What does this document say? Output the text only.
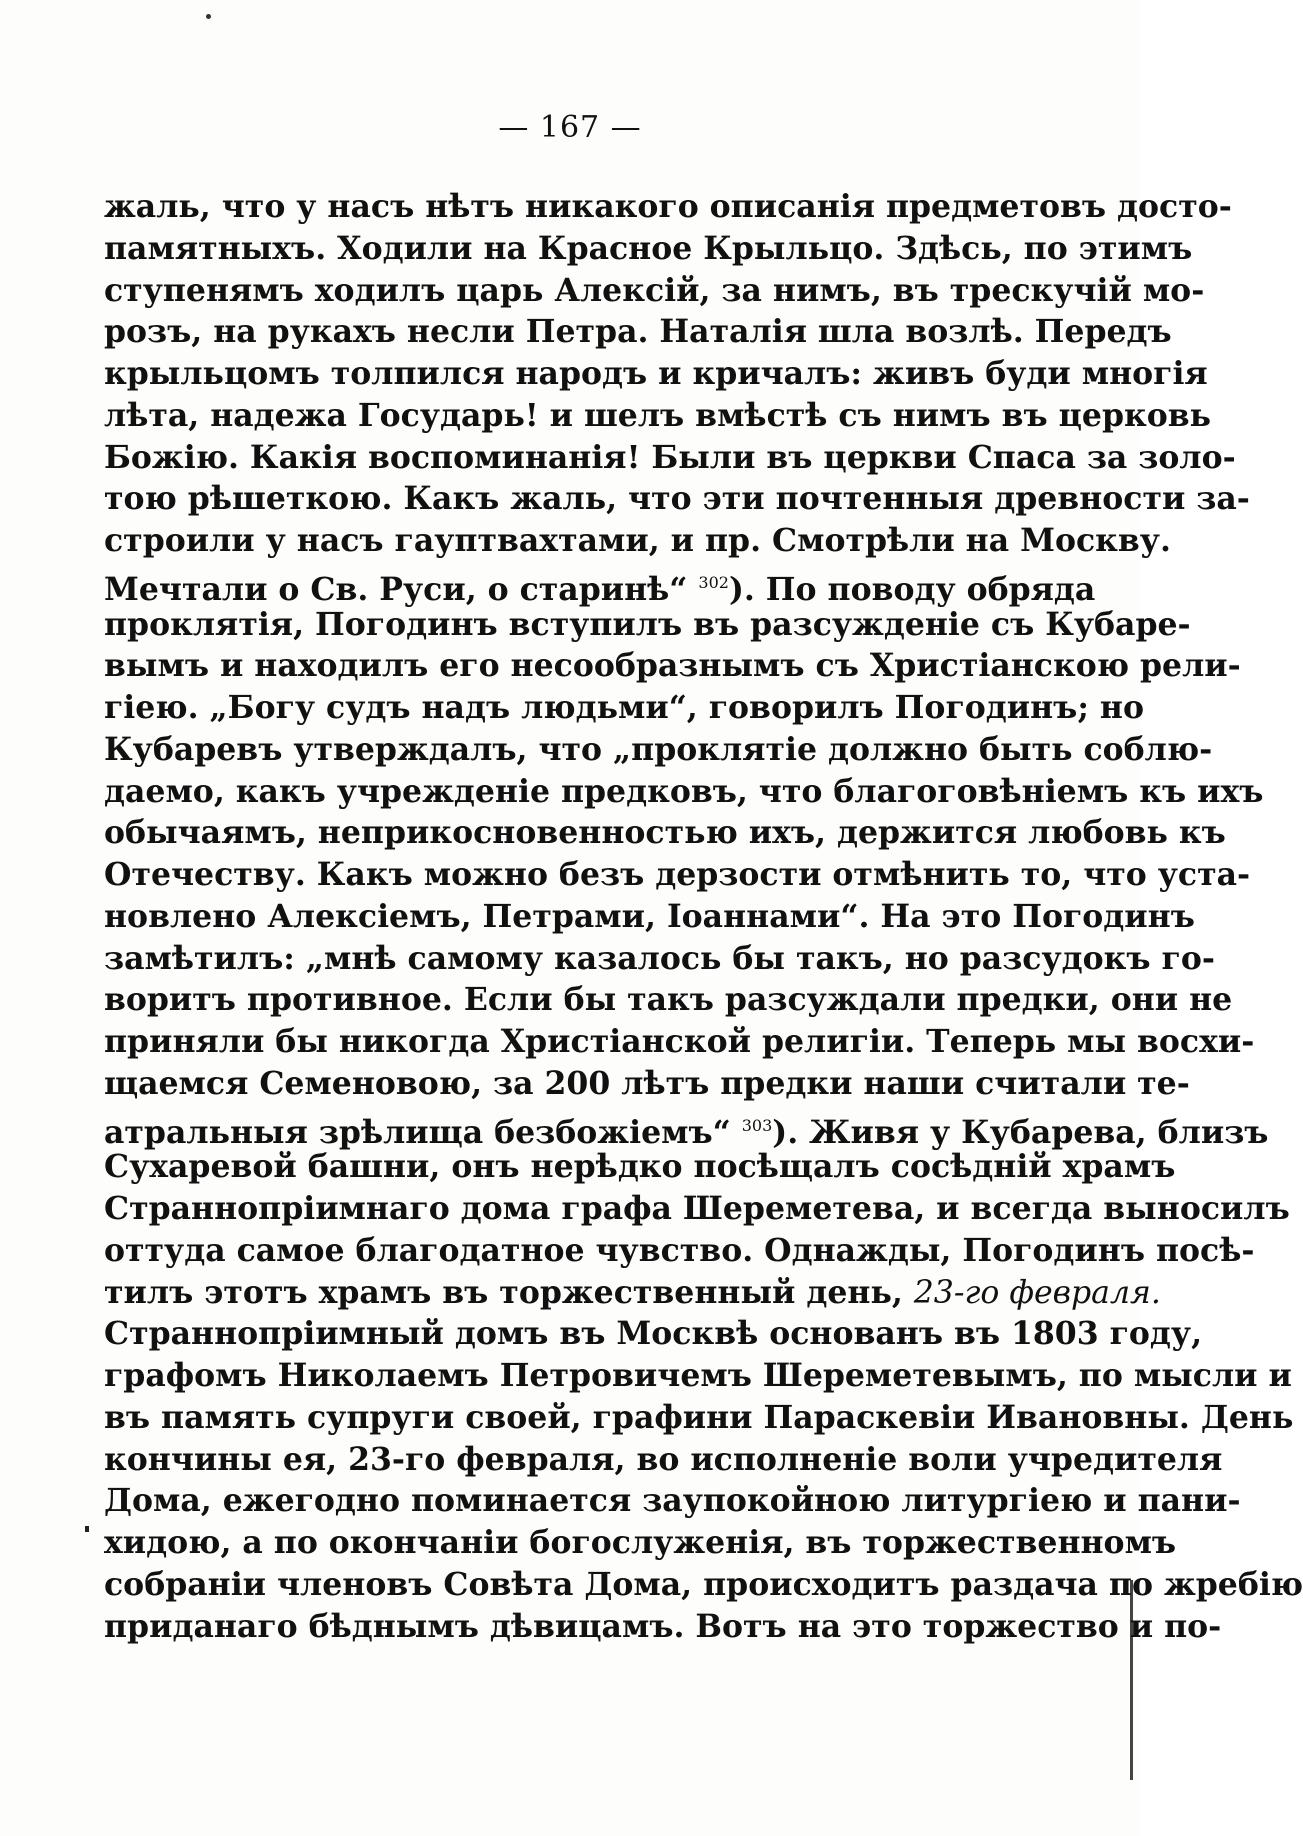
— 167 —
жаль, что у насъ нѣтъ никакого описанія предметовъ досто-
памятныхъ. Ходили на Красное Крыльцо. Здѣсь, по этимъ
ступенямъ ходилъ царь Алексій, за нимъ, въ трескучій мо-
розъ, на рукахъ несли Петра. Наталія шла возлѣ. Передъ
крыльцомъ толпился народъ и кричалъ: живъ буди многія
лѣта, надежа Государь! и шелъ вмѣстѣ съ нимъ въ церковь
Божію. Какія воспоминанія! Были въ церкви Спаса за золо-
тою рѣшеткою. Какъ жаль, что эти почтенныя древности за-
строили у насъ гауптвахтами, и пр. Смотрѣли на Москву.
Мечтали о Св. Руси, о старинѣ“ $^{302}$). По поводу обряда
проклятія, Погодинъ вступилъ въ разсужденіе съ Кубаре-
вымъ и находилъ его несообразнымъ съ Христіанскою рели-
гіею. „Богу судъ надъ людьми“, говорилъ Погодинъ; но
Кубаревъ утверждалъ, что „проклятіе должно быть соблю-
даемо, какъ учрежденіе предковъ, что благоговѣніемъ къ ихъ
обычаямъ, неприкосновенностью ихъ, держится любовь къ
Отечеству. Какъ можно безъ дерзости отмѣнить то, что уста-
новлено Алексіемъ, Петрами, Іоаннами“. На это Погодинъ
замѣтилъ: „мнѣ самому казалось бы такъ, но разсудокъ го-
воритъ противное. Если бы такъ разсуждали предки, они не
приняли бы никогда Христіанской религіи. Теперь мы восхи-
щаемся Семеновою, за 200 лѣтъ предки наши считали те-
атральныя зрѣлища безбожіемъ“ $^{303}$). Живя у Кубарева, близъ
Сухаревой башни, онъ нерѣдко посѣщалъ сосѣдній храмъ
Страннопріимнаго дома графа Шереметева, и всегда выносилъ
оттуда самое благодатное чувство. Однажды, Погодинъ посѣ-
тилъ этотъ храмъ въ торжественный день, 23-го февраля.
Страннопріимный домъ въ Москвѣ основанъ въ 1803 году,
графомъ Николаемъ Петровичемъ Шереметевымъ, по мысли и
въ память супруги своей, графини Параскевіи Ивановны. День
кончины ея, 23-го февраля, во исполненіе воли учредителя
Дома, ежегодно поминается заупокойною литургіею и пани-
хидою, а по окончаніи богослуженія, въ торжественномъ
собраніи членовъ Совѣта Дома, происходитъ раздача по жребію
приданаго бѣднымъ дѣвицамъ. Вотъ на это торжество и по-
